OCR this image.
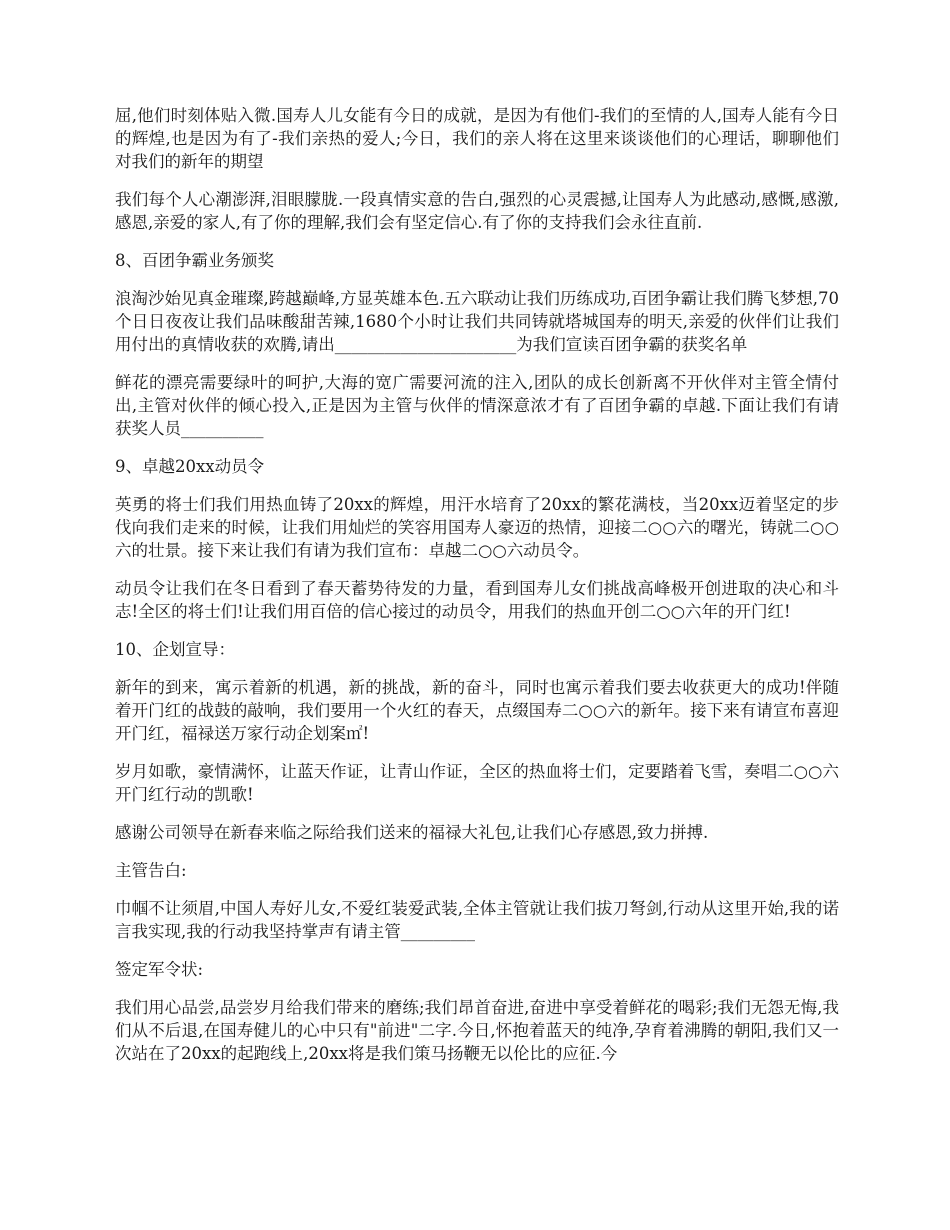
屈,他们时刻体贴入微.国寿人儿女能有今日的成就，是因为有他们-我们的至情的人,国寿人能有今日的辉煌,也是因为有了-我们亲热的爱人;今日，我们的亲人将在这里来谈谈他们的心理话，聊聊他们对我们的新年的期望

我们每个人心潮澎湃,泪眼朦胧.一段真情实意的告白,强烈的心灵震撼,让国寿人为此感动,感慨,感激,感恩,亲爱的家人,有了你的理解,我们会有坚定信心.有了你的支持我们会永往直前.

8、百团争霸业务颁奖

浪淘沙始见真金璀璨,跨越巅峰,方显英雄本色.五六联动让我们历练成功,百团争霸让我们腾飞梦想,70个日日夜夜让我们品味酸甜苦辣,1680个小时让我们共同铸就塔城国寿的明天,亲爱的伙伴们让我们用付出的真情收获的欢腾,请出______________________为我们宣读百团争霸的获奖名单

鲜花的漂亮需要绿叶的呵护,大海的宽广需要河流的注入,团队的成长创新离不开伙伴对主管全情付出,主管对伙伴的倾心投入,正是因为主管与伙伴的情深意浓才有了百团争霸的卓越.下面让我们有请获奖人员__________

9、卓越20xx动员令

英勇的将士们我们用热血铸了20xx的辉煌，用汗水培育了20xx的繁花满枝，当20xx迈着坚定的步伐向我们走来的时候，让我们用灿烂的笑容用国寿人豪迈的热情，迎接二○○六的曙光，铸就二○○六的壮景。接下来让我们有请为我们宣布：卓越二○○六动员令。

动员令让我们在冬日看到了春天蓄势待发的力量，看到国寿儿女们挑战高峰极开创进取的决心和斗志!全区的将士们!让我们用百倍的信心接过的动员令，用我们的热血开创二○○六年的开门红!

10、企划宣导：

新年的到来，寓示着新的机遇，新的挑战，新的奋斗，同时也寓示着我们要去收获更大的成功!伴随着开门红的战鼓的敲响，我们要用一个火红的春天，点缀国寿二○○六的新年。接下来有请宣布喜迎开门红，福禄送万家行动企划案㎡!

岁月如歌，豪情满怀，让蓝天作证，让青山作证，全区的热血将士们，定要踏着飞雪，奏唱二○○六开门红行动的凯歌!

感谢公司领导在新春来临之际给我们送来的福禄大礼包,让我们心存感恩,致力拼搏.

主管告白:

巾帼不让须眉,中国人寿好儿女,不爱红装爱武装,全体主管就让我们拔刀弩剑,行动从这里开始,我的诺言我实现,我的行动我坚持掌声有请主管_________

签定军令状:

我们用心品尝,品尝岁月给我们带来的磨练;我们昂首奋进,奋进中享受着鲜花的喝彩;我们无怨无悔,我们从不后退,在国寿健儿的心中只有"前进"二字.今日,怀抱着蓝天的纯净,孕育着沸腾的朝阳,我们又一次站在了20xx的起跑线上,20xx将是我们策马扬鞭无以伦比的应征.今
